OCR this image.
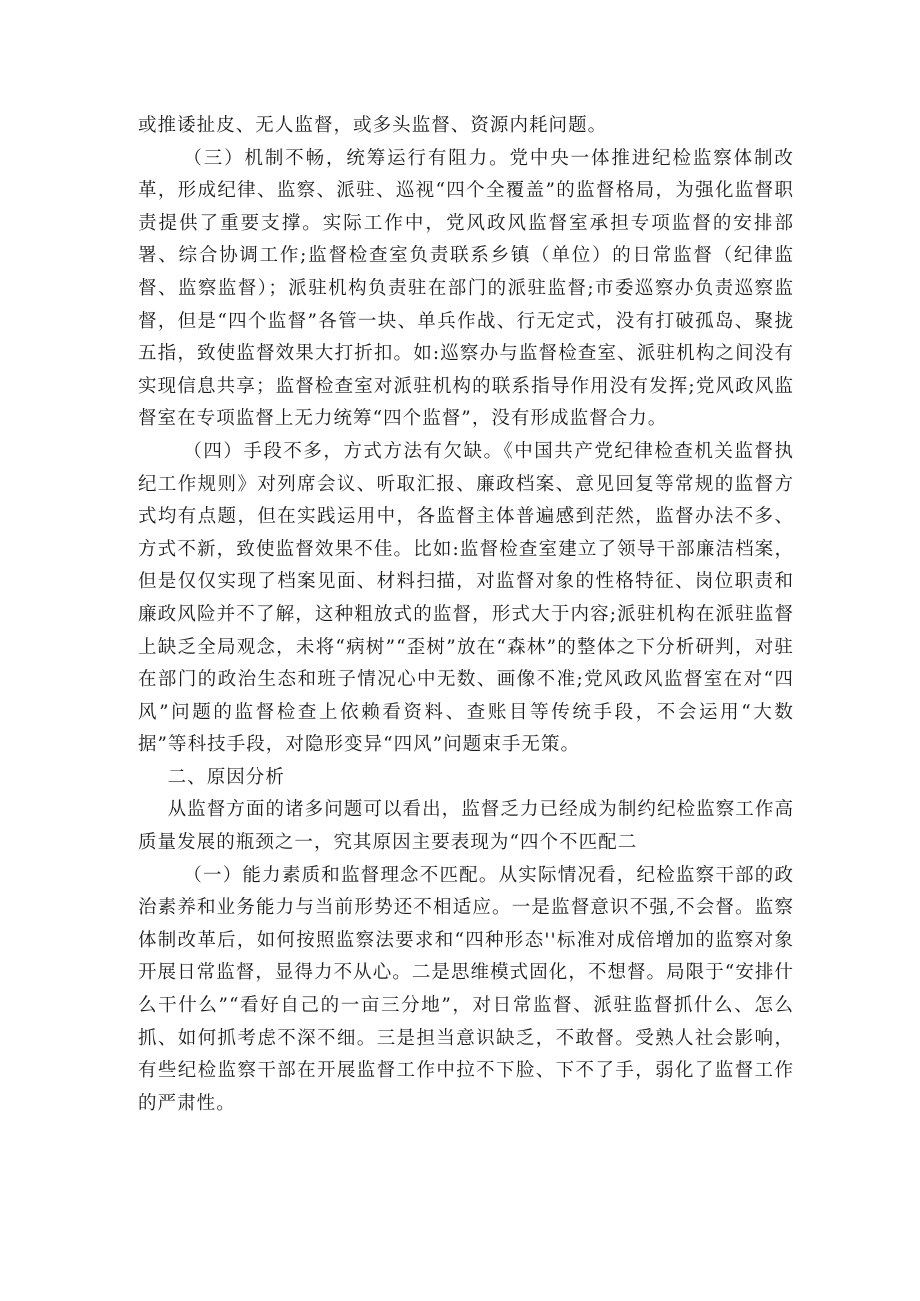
或推诿扯皮、无人监督，或多头监督、资源内耗问题。

（三）机制不畅，统筹运行有阻力。党中央一体推进纪检监察体制改革，形成纪律、监察、派驻、巡视“四个全覆盖”的监督格局，为强化监督职责提供了重要支撑。实际工作中，党风政风监督室承担专项监督的安排部署、综合协调工作;监督检查室负责联系乡镇（单位）的日常监督（纪律监督、监察监督）；派驻机构负责驻在部门的派驻监督;市委巡察办负责巡察监督，但是“四个监督”各管一块、单兵作战、行无定式，没有打破孤岛、聚拢五指，致使监督效果大打折扣。如:巡察办与监督检查室、派驻机构之间没有实现信息共享；监督检查室对派驻机构的联系指导作用没有发挥;党风政风监督室在专项监督上无力统筹“四个监督”，没有形成监督合力。

（四）手段不多，方式方法有欠缺。《中国共产党纪律检查机关监督执纪工作规则》对列席会议、听取汇报、廉政档案、意见回复等常规的监督方式均有点题，但在实践运用中，各监督主体普遍感到茫然，监督办法不多、方式不新，致使监督效果不佳。比如:监督检查室建立了领导干部廉洁档案，但是仅仅实现了档案见面、材料扫描，对监督对象的性格特征、岗位职责和廉政风险并不了解，这种粗放式的监督，形式大于内容;派驻机构在派驻监督上缺乏全局观念，未将“病树”“歪树”放在“森林”的整体之下分析研判，对驻在部门的政治生态和班子情况心中无数、画像不准;党风政风监督室在对“四风”问题的监督检查上依赖看资料、查账目等传统手段，不会运用“大数据”等科技手段，对隐形变异“四风”问题束手无策。

二、原因分析

从监督方面的诸多问题可以看出，监督乏力已经成为制约纪检监察工作高质量发展的瓶颈之一，究其原因主要表现为“四个不匹配二

（一）能力素质和监督理念不匹配。从实际情况看，纪检监察干部的政治素养和业务能力与当前形势还不相适应。一是监督意识不强,不会督。监察体制改革后，如何按照监察法要求和“四种形态''标准对成倍增加的监察对象开展日常监督，显得力不从心。二是思维模式固化，不想督。局限于“安排什么干什么”“看好自己的一亩三分地”，对日常监督、派驻监督抓什么、怎么抓、如何抓考虑不深不细。三是担当意识缺乏，不敢督。受熟人社会影响，有些纪检监察干部在开展监督工作中拉不下脸、下不了手，弱化了监督工作的严肃性。
